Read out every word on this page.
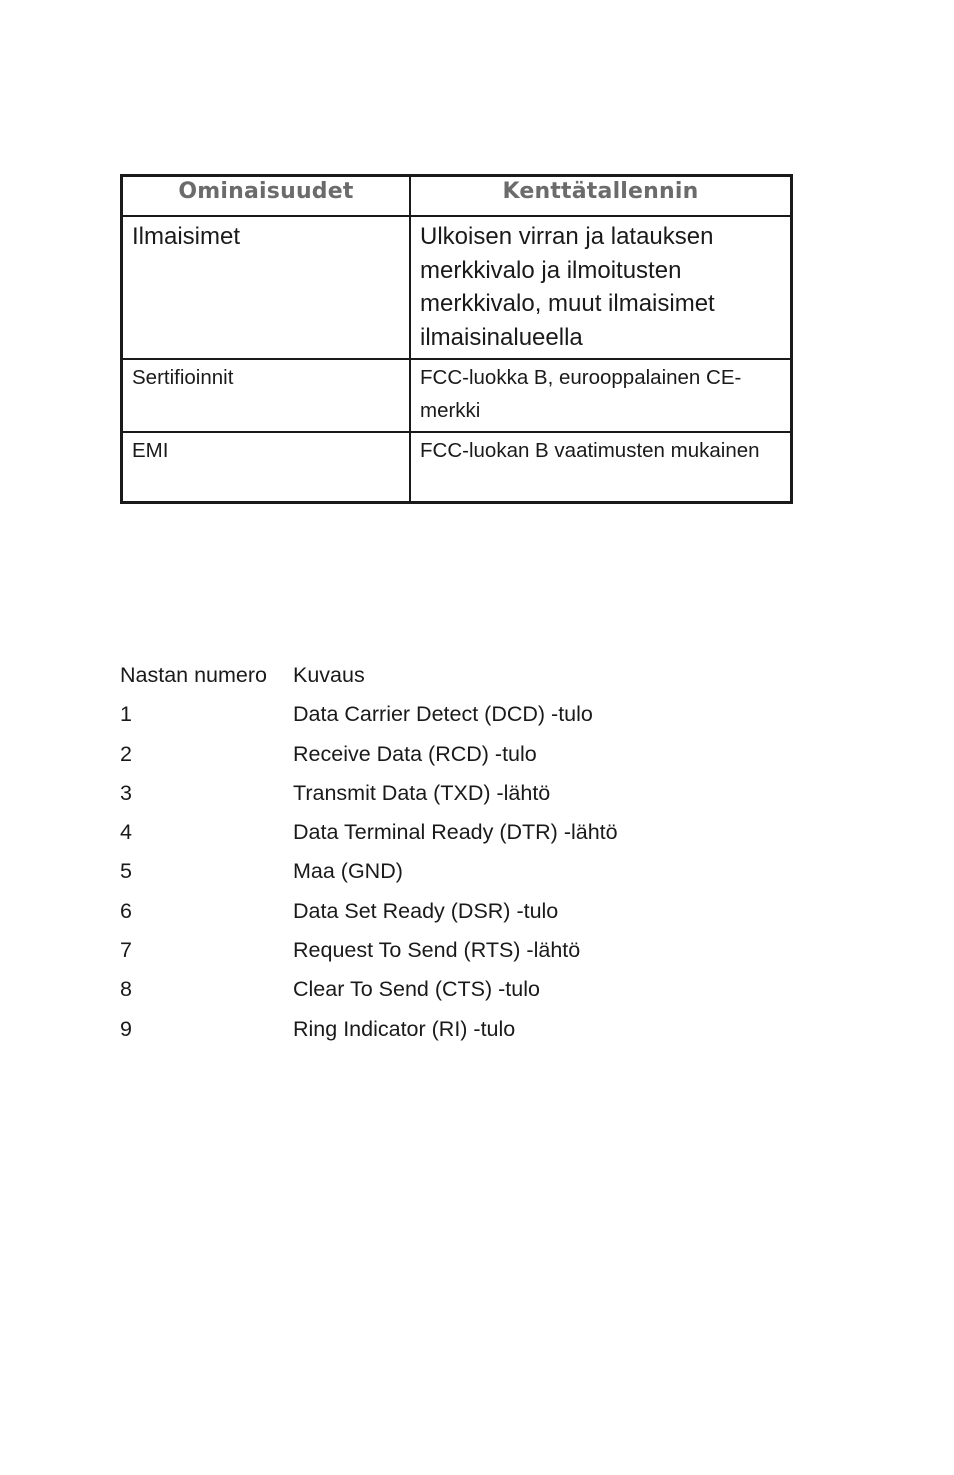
Ominaisuudet	Kenttätallennin
Ilmaisimet	Ulkoisen virran ja latauksen merkkivalo ja ilmoitusten merkkivalo, muut ilmaisimet ilmaisinalueella
Sertifioinnit	FCC-luokka B, eurooppalainen CE-merkki
EMI	FCC-luokan B vaatimusten mukainen
Nastan numero	Kuvaus
1	Data Carrier Detect (DCD) -tulo
2	Receive Data (RCD) -tulo
3	Transmit Data (TXD) -lähtö
4	Data Terminal Ready (DTR) -lähtö
5	Maa (GND)
6	Data Set Ready (DSR) -tulo
7	Request To Send (RTS) -lähtö
8	Clear To Send (CTS) -tulo
9	Ring Indicator (RI) -tulo
